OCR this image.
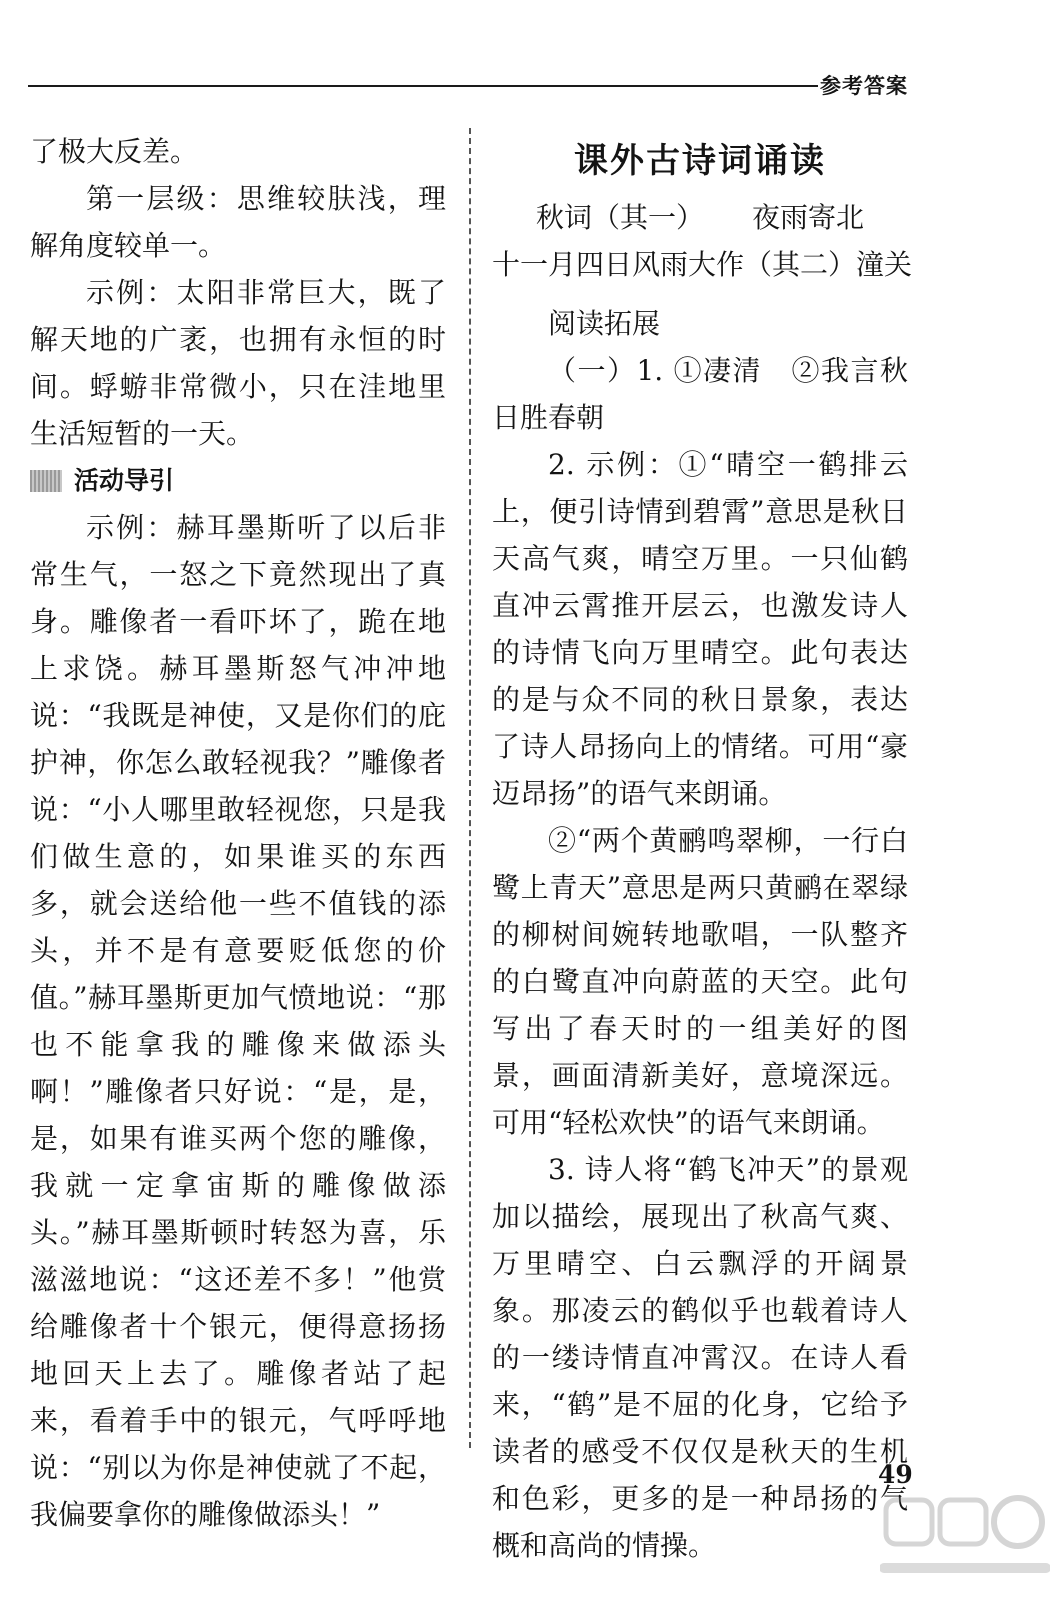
参考答案

了极大反差。

第一层级：思维较肤浅，理解角度较单一。

示例：太阳非常巨大，既了解天地的广袤，也拥有永恒的时间。蜉蝣非常微小，只在洼地里生活短暂的一天。

活动导引

示例：赫耳墨斯听了以后非常生气，一怒之下竟然现出了真身。雕像者一看吓坏了，跪在地上求饶。赫耳墨斯怒气冲冲地说：“我既是神使，又是你们的庇护神，你怎么敢轻视我？”雕像者说：“小人哪里敢轻视您，只是我们做生意的，如果谁买的东西多，就会送给他一些不值钱的添头，并不是有意要贬低您的价值。”赫耳墨斯更加气愤地说：“那也不能拿我的雕像来做添头啊！”雕像者只好说：“是，是，是，如果有谁买两个您的雕像，我就一定拿宙斯的雕像做添头。”赫耳墨斯顿时转怒为喜，乐滋滋地说：“这还差不多！”他赏给雕像者十个银元，便得意扬扬地回天上去了。雕像者站了起来，看着手中的银元，气呼呼地说：“别以为你是神使就了不起，我偏要拿你的雕像做添头！”

课外古诗词诵读
秋词（其一） 夜雨寄北
十一月四日风雨大作（其二） 潼关
阅读拓展

（一）1. ①凄清　②我言秋日胜春朝

2. 示例：①“晴空一鹤排云上，便引诗情到碧霄”意思是秋日天高气爽，晴空万里。一只仙鹤直冲云霄推开层云，也激发诗人的诗情飞向万里晴空。此句表达的是与众不同的秋日景象，表达了诗人昂扬向上的情绪。可用“豪迈昂扬”的语气来朗诵。

②“两个黄鹂鸣翠柳，一行白鹭上青天”意思是两只黄鹂在翠绿的柳树间婉转地歌唱，一队整齐的白鹭直冲向蔚蓝的天空。此句写出了春天时的一组美好的图景，画面清新美好，意境深远。可用“轻松欢快”的语气来朗诵。

3. 诗人将“鹤飞冲天”的景观加以描绘，展现出了秋高气爽、万里晴空、白云飘浮的开阔景象。那凌云的鹤似乎也载着诗人的一缕诗情直冲霄汉。在诗人看来，“鹤”是不屈的化身，它给予读者的感受不仅仅是秋天的生机和色彩，更多的是一种昂扬的气概和高尚的情操。

49
